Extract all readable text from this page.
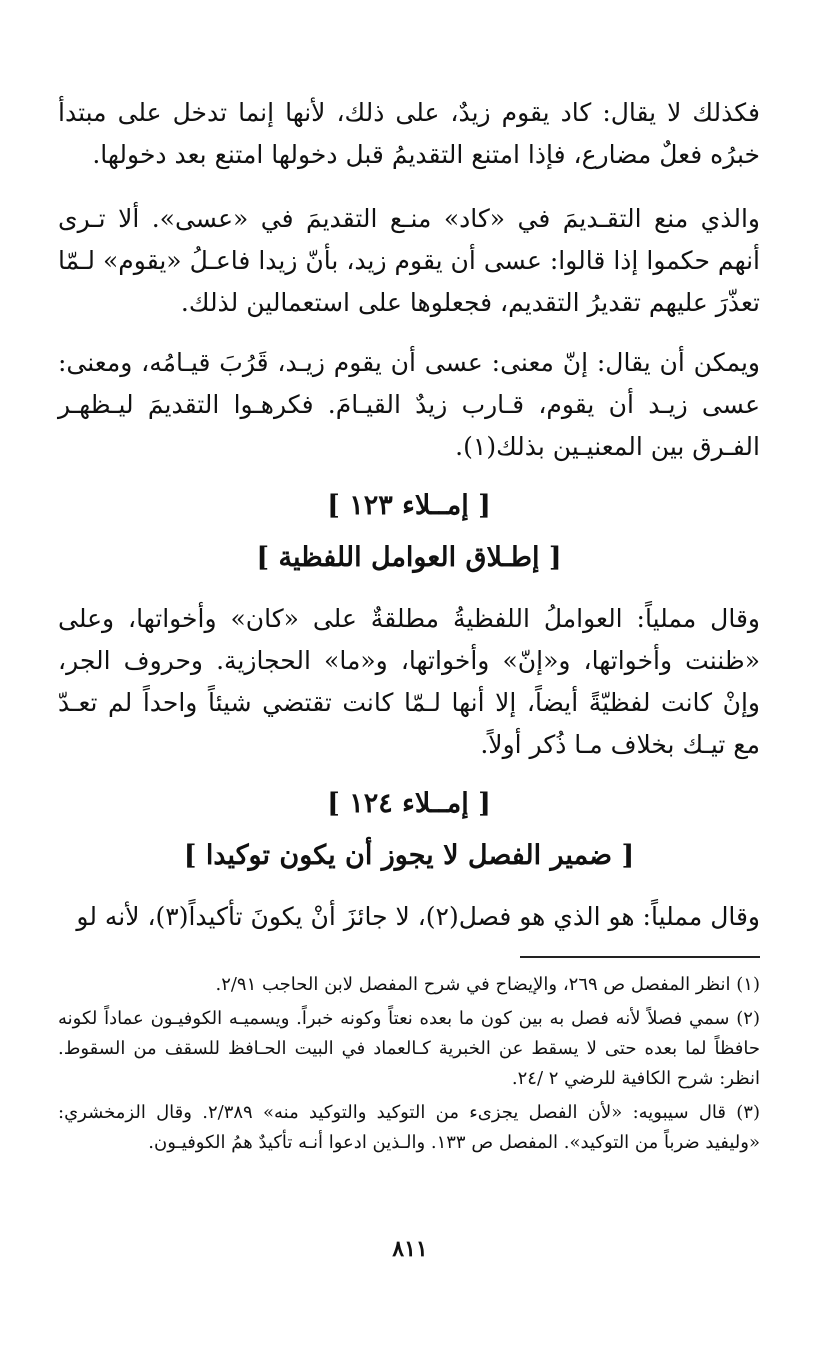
فكذلك لا يقال: كاد يقوم زيدٌ، على ذلك، لأنها إنما تدخل على مبتدأ خبرُه فعلٌ مضارع، فإذا امتنع التقديمُ قبل دخولها امتنع بعد دخولها.

والذي منع التقـديمَ في «كاد» منـع التقديمَ في «عسى». ألا تـرى أنهم حكموا إذا قالوا: عسى أن يقوم زيد، بأنّ زيدا فاعـلُ «يقوم» لـمّا تعذّرَ عليهم تقديرُ التقديم، فجعلوها على استعمالين لذلك.

ويمكن أن يقال: إنّ معنى: عسى أن يقوم زيـد، قَرُبَ قيـامُه، ومعنى: عسى زيـد أن يقوم، قـارب زيدٌ القيـامَ. فكرهـوا التقديمَ ليـظهـر الفـرق بين المعنيـين بذلك(١).

[ إمــلاء ١٢٣ ]
[ إطـلاق العوامل اللفظية ]

وقال مملياً: العواملُ اللفظيةُ مطلقةٌ على «كان» وأخواتها، وعلى «ظننت وأخواتها، و«إنّ» وأخواتها، و«ما» الحجازية. وحروف الجر، وإنْ كانت لفظيّةً أيضاً، إلا أنها لـمّا كانت تقتضي شيئاً واحداً لم تعـدّ مع تيـك بخلاف مـا ذُكر أولاً.

[ إمــلاء ١٢٤ ]
[ ضمير الفصل لا يجوز أن يكون توكيدا ]

وقال مملياً: هو الذي هو فصل(٢)، لا جائزَ أنْ يكونَ تأكيداً(٣)، لأنه لو

(١) انظر المفصل ص ٢٦٩، والإيضاح في شرح المفصل لابن الحاجب ٢/٩١.

(٢) سمي فصلاً لأنه فصل به بين كون ما بعده نعتاً وكونه خبراً. ويسميـه الكوفيـون عماداً لكونه حافظاً لما بعده حتى لا يسقط عن الخبرية كـالعماد في البيت الحـافظ للسقف من السقوط. انظر: شرح الكافية للرضي ٢ /٢٤.

(٣) قال سيبويه: «لأن الفصل يجزىء من التوكيد والتوكيد منه» ٢/٣٨٩. وقال الزمخشري: «وليفيد ضرباً من التوكيد». المفصل ص ١٣٣. والـذين ادعوا أنـه تأكيدٌ همُ الكوفيـون.

٨١١
